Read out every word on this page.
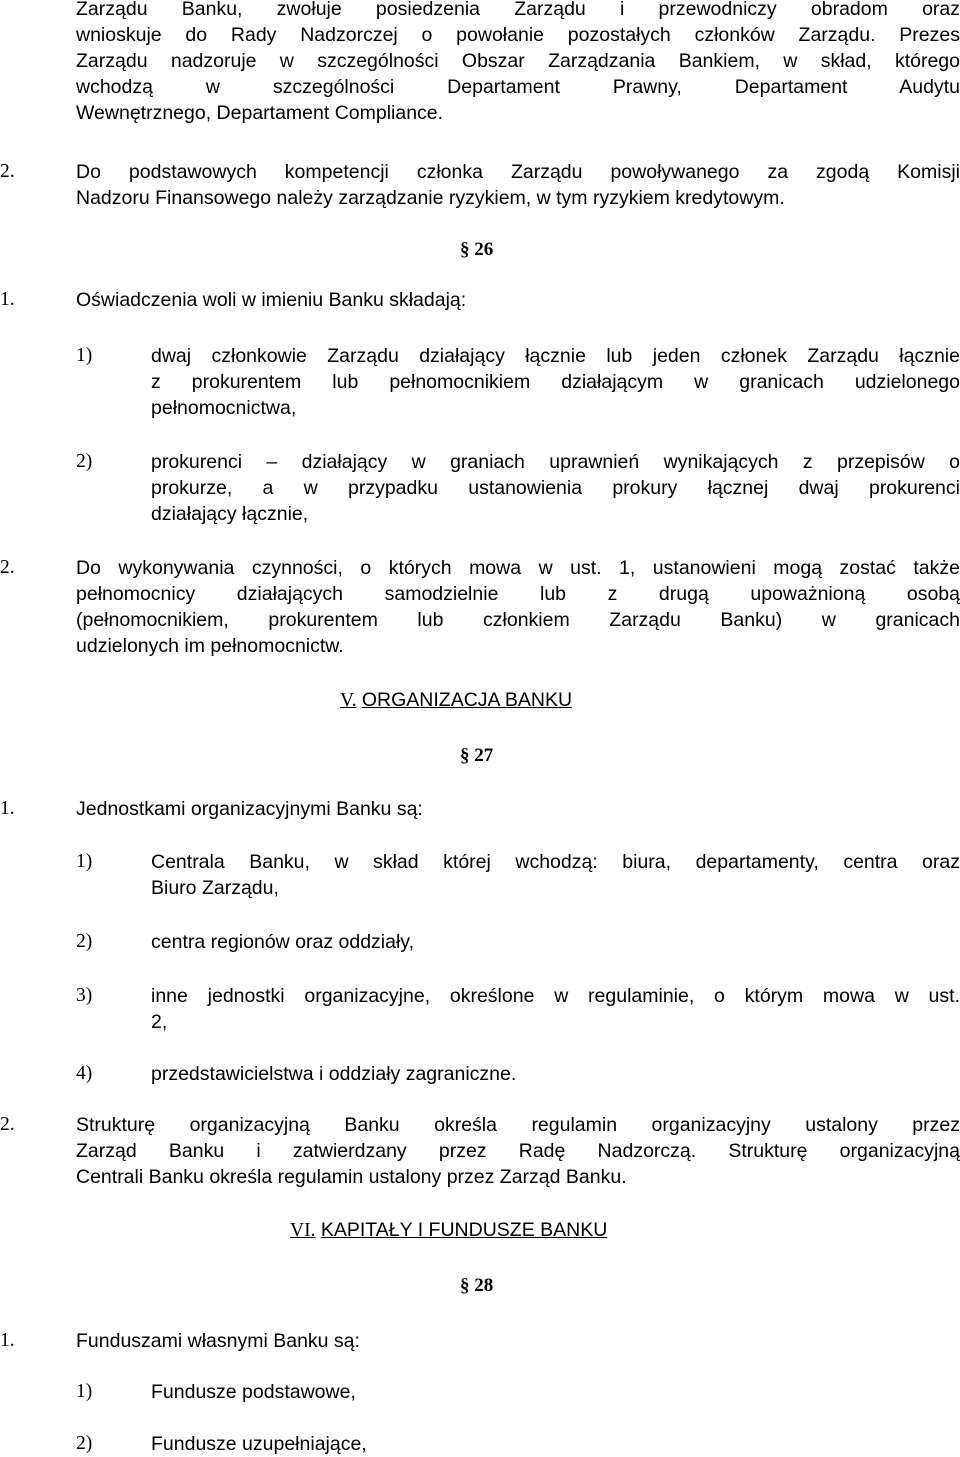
Zarządu Banku, zwołuje posiedzenia Zarządu i przewodniczy obradom oraz
wnioskuje do Rady Nadzorczej o powołanie pozostałych członków Zarządu. Prezes
Zarządu nadzoruje w szczególności Obszar Zarządzania Bankiem, w skład, którego
wchodzą w szczególności Departament Prawny, Departament Audytu
Wewnętrznego, Departament Compliance.
2.	Do podstawowych kompetencji członka Zarządu powoływanego za zgodą Komisji
Nadzoru Finansowego należy zarządzanie ryzykiem, w tym ryzykiem kredytowym.
§ 26
1.	Oświadczenia woli w imieniu Banku składają:
1)	dwaj członkowie Zarządu działający łącznie lub jeden członek Zarządu łącznie
z prokurentem lub pełnomocnikiem działającym w granicach udzielonego
pełnomocnictwa,
2)	prokurenci – działający w graniach uprawnień wynikających z przepisów o
prokurze, a w przypadku ustanowienia prokury łącznej dwaj prokurenci
działający łącznie,
2.	Do wykonywania czynności, o których mowa w ust. 1, ustanowieni mogą zostać także
pełnomocnicy działających samodzielnie lub z drugą upoważnioną osobą
(pełnomocnikiem, prokurentem lub członkiem Zarządu Banku) w granicach
udzielonych im pełnomocnictw.
V. ORGANIZACJA BANKU
§ 27
1.	Jednostkami organizacyjnymi Banku są:
1)	Centrala Banku, w skład której wchodzą: biura, departamenty, centra oraz
Biuro Zarządu,
2)	centra regionów oraz oddziały,
3)	inne jednostki organizacyjne, określone w regulaminie, o którym mowa w ust.
2,
4)	przedstawicielstwa i oddziały zagraniczne.
2.	Strukturę organizacyjną Banku określa regulamin organizacyjny ustalony przez
Zarząd Banku i zatwierdzany przez Radę Nadzorczą. Strukturę organizacyjną
Centrali Banku określa regulamin ustalony przez Zarząd Banku.
VI. KAPITAŁY I FUNDUSZE BANKU
§ 28
1.	Funduszami własnymi Banku są:
1)	Fundusze podstawowe,
2)	Fundusze uzupełniające,
